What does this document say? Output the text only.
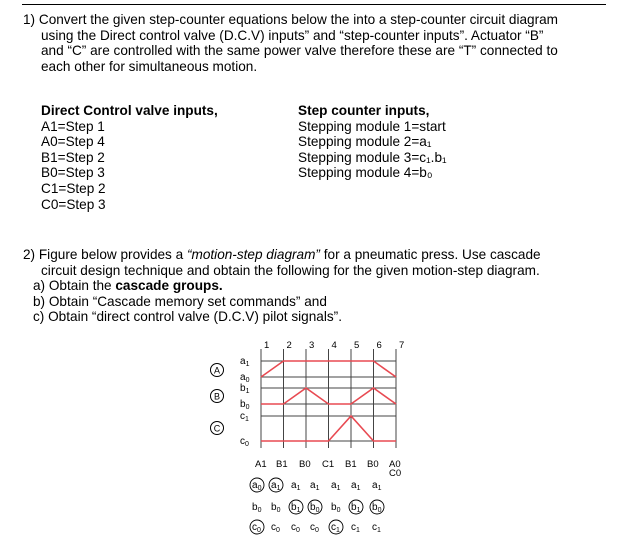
1) Convert the given step-counter equations below the into a step-counter circuit diagram
using the Direct control valve (D.C.V) inputs” and “step-counter inputs”. Actuator “B”
and “C” are controlled with the same power valve therefore these are “T” connected to
each other for simultaneous motion.
Direct Control valve inputs,
A1=Step 1
A0=Step 4
B1=Step 2
B0=Step 3
C1=Step 2
C0=Step 3
Step counter inputs,
Stepping module 1=start
Stepping module 2=a₁
Stepping module 3=c₁.b₁
Stepping module 4=b₀
2) Figure below provides a “motion-step diagram” for a pneumatic press. Use cascade
circuit design technique and obtain the following for the given motion-step diagram.
a) Obtain the cascade groups.
b) Obtain “Cascade memory set commands” and
c) Obtain “direct control valve (D.C.V) pilot signals”.
1 2 3 4 5 6 7
$a_1$
$a_0$
$b_1$
$b_0$
$c_1$
$c_0$
A
B
C
A1 B1 B0 C1 B1 B0 A0
C0
$a_0$ $a_1$ $a_1$ $a_1$ $a_1$ $a_1$ $a_1$
$b_0$ $b_0$ $b_1$ $b_0$ $b_0$ $b_1$ $b_0$
$c_0$ $c_0$ $c_0$ $c_0$ $c_1$ $c_1$ $c_1$
